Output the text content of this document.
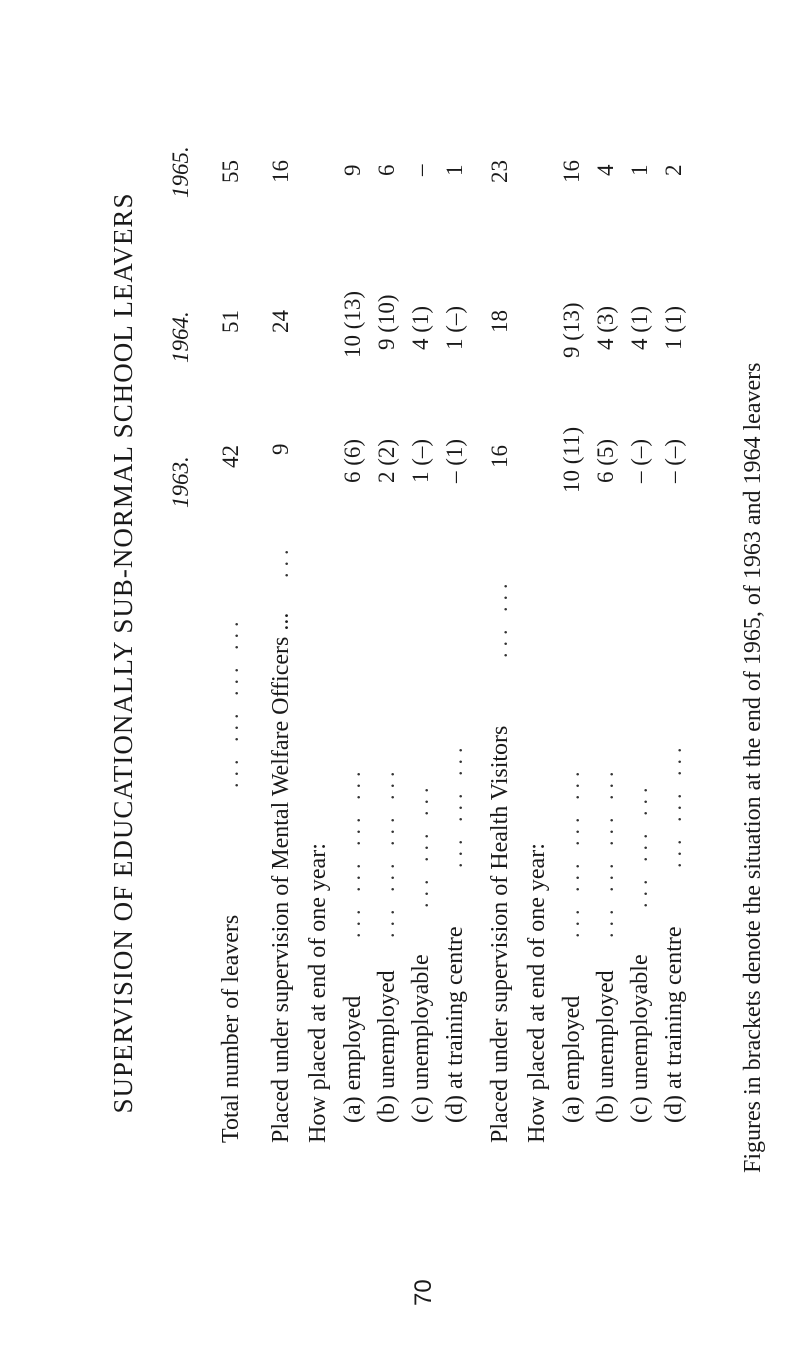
SUPERVISION OF EDUCATIONALLY SUB-NORMAL SCHOOL LEAVERS 1963.
1964.
1965.
Total number of leavers
... ... ... ...
42
51
55
Placed under supervision of Mental Welfare Officers ...
...
9
24
16
How placed at end of one year: (a) employed
... ... ... ...
6 (6)
10 (13)
9
(b) unemployed
... ... ... ...
2 (2)
9 (10)
6
(c) unemployable
... ... ...
1 (–)
4 (1)
–
(d) at training centre
... ... ...
– (1)
1 (–)
1
Placed under supervision of Health Visitors
... ...
16
18
23
How placed at end of one year: (a) employed
... ... ... ...
10 (11)
9 (13)
16
(b) unemployed
... ... ... ...
6 (5)
4 (3)
4
(c) unemployable
... ... ...
– (–)
4 (1)
1
(d) at training centre
... ... ...
– (–)
1 (1)
2
Figures in brackets denote the situation at the end of 1965, of 1963 and 1964 leavers
70
